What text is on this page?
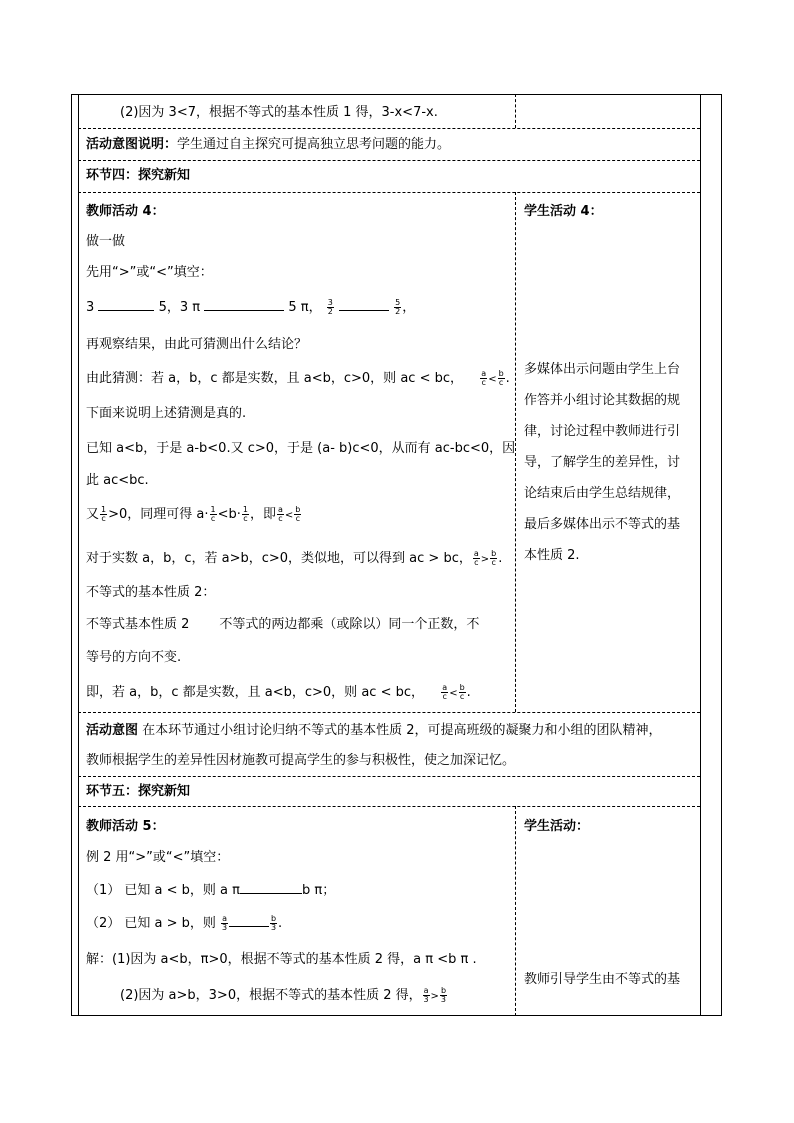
(2)因为 3<7，根据不等式的基本性质 1 得，3-x<7-x.
活动意图说明：学生通过自主探究可提高独立思考问题的能力。
环节四：探究新知
教师活动 4：	学生活动 4：
做一做
先用“>”或“<”填空：
3	5，3 π	5 π， $\frac{3}{2}$
	$\frac{5}{2}$ ，
再观察结果，由此可猜测出什么结论？
由此猜测：若 a，b，c 都是实数，且 a<b，c>0，则 ac < bc， $\frac{a}{c} < \frac{b}{c}$ .
下面来说明上述猜测是真的.
已知 a<b，于是 a-b<0.又 c>0，于是 (a- b)c<0，从而有 ac-bc<0，因
此 ac<bc.
又 $\frac{1}{c} >0$，同理可得 $a\cdot \frac{1}{c} <b\cdot \frac{1}{c}$ ，即 $\frac{a}{c} < \frac{b}{c}$
对于实数 a，b，c，若 a>b，c>0，类似地，可以得到 ac > bc， $\frac{a}{c} > \frac{b}{c}$ .
不等式的基本性质 2：
不等式基本性质 2 不等式的两边都乘（或除以）同一个正数，不
等号的方向不变.
即，若 a，b，c 都是实数，且 a<b，c>0，则 ac < bc， $\frac{a}{c} < \frac{b}{c}$ .
多媒体出示问题由学生上台
作答并小组讨论其数据的规
律，讨论过程中教师进行引
导，了解学生的差异性，讨
论结束后由学生总结规律，
最后多媒体出示不等式的基
本性质 2.
活动意图 在本环节通过小组讨论归纳不等式的基本性质 2，可提高班级的凝聚力和小组的团队精神，
教师根据学生的差异性因材施教可提高学生的参与积极性，使之加深记忆。
环节五：探究新知
教师活动 5：	学生活动：
例 2 用“>”或“<”填空：
（1） 已知 a < b，则 a π	b π；
（2） 已知 a > b，则 $\frac{a}{3}$	$\frac{b}{3}$ .
解：(1)因为 a<b，π>0，根据不等式的基本性质 2 得，a π <b π .
(2)因为 a>b，3>0，根据不等式的基本性质 2 得， $\frac{a}{3} > \frac{b}{3}$
教师引导学生由不等式的基
